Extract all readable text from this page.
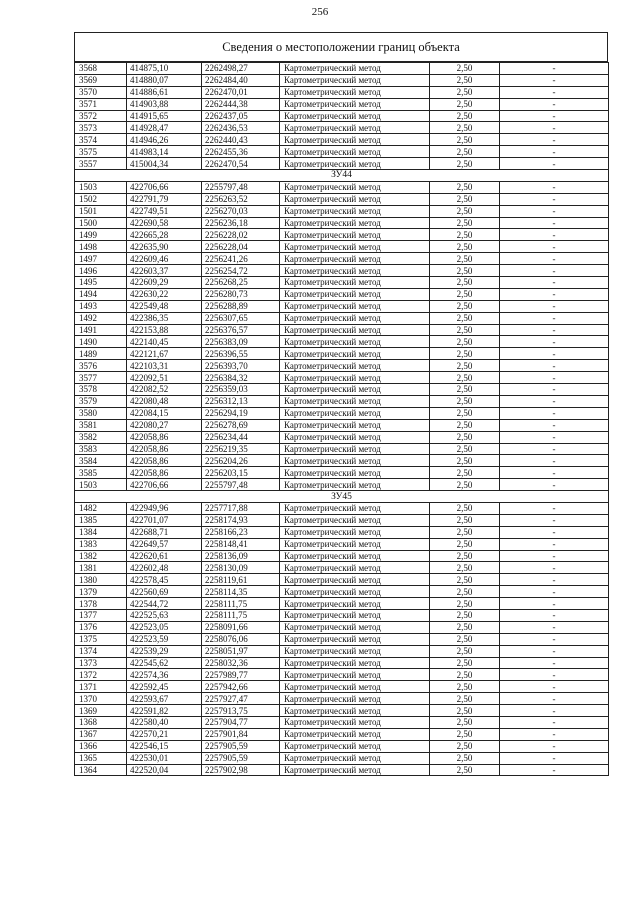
256
Сведения о местоположении границ объекта
3568	414875,10	2262498,27	Картометрический метод	2,50	-
3569	414880,07	2262484,40	Картометрический метод	2,50	-
3570	414886,61	2262470,01	Картометрический метод	2,50	-
3571	414903,88	2262444,38	Картометрический метод	2,50	-
3572	414915,65	2262437,05	Картометрический метод	2,50	-
3573	414928,47	2262436,53	Картометрический метод	2,50	-
3574	414946,26	2262440,43	Картометрический метод	2,50	-
3575	414983,14	2262455,36	Картометрический метод	2,50	-
3557	415004,34	2262470,54	Картометрический метод	2,50	-
ЗУ44					
1503	422706,66	2255797,48	Картометрический метод	2,50	-
1502	422791,79	2256263,52	Картометрический метод	2,50	-
1501	422749,51	2256270,03	Картометрический метод	2,50	-
1500	422690,58	2256236,18	Картометрический метод	2,50	-
1499	422665,28	2256228,02	Картометрический метод	2,50	-
1498	422635,90	2256228,04	Картометрический метод	2,50	-
1497	422609,46	2256241,26	Картометрический метод	2,50	-
1496	422603,37	2256254,72	Картометрический метод	2,50	-
1495	422609,29	2256268,25	Картометрический метод	2,50	-
1494	422630,22	2256280,73	Картометрический метод	2,50	-
1493	422549,48	2256288,89	Картометрический метод	2,50	-
1492	422386,35	2256307,65	Картометрический метод	2,50	-
1491	422153,88	2256376,57	Картометрический метод	2,50	-
1490	422140,45	2256383,09	Картометрический метод	2,50	-
1489	422121,67	2256396,55	Картометрический метод	2,50	-
3576	422103,31	2256393,70	Картометрический метод	2,50	-
3577	422092,51	2256384,32	Картометрический метод	2,50	-
3578	422082,52	2256359,03	Картометрический метод	2,50	-
3579	422080,48	2256312,13	Картометрический метод	2,50	-
3580	422084,15	2256294,19	Картометрический метод	2,50	-
3581	422080,27	2256278,69	Картометрический метод	2,50	-
3582	422058,86	2256234,44	Картометрический метод	2,50	-
3583	422058,86	2256219,35	Картометрический метод	2,50	-
3584	422058,86	2256204,26	Картометрический метод	2,50	-
3585	422058,86	2256203,15	Картометрический метод	2,50	-
1503	422706,66	2255797,48	Картометрический метод	2,50	-
ЗУ45					
1482	422949,96	2257717,88	Картометрический метод	2,50	-
1385	422701,07	2258174,93	Картометрический метод	2,50	-
1384	422688,71	2258166,23	Картометрический метод	2,50	-
1383	422649,57	2258148,41	Картометрический метод	2,50	-
1382	422620,61	2258136,09	Картометрический метод	2,50	-
1381	422602,48	2258130,09	Картометрический метод	2,50	-
1380	422578,45	2258119,61	Картометрический метод	2,50	-
1379	422560,69	2258114,35	Картометрический метод	2,50	-
1378	422544,72	2258111,75	Картометрический метод	2,50	-
1377	422525,63	2258111,75	Картометрический метод	2,50	-
1376	422523,05	2258091,66	Картометрический метод	2,50	-
1375	422523,59	2258076,06	Картометрический метод	2,50	-
1374	422539,29	2258051,97	Картометрический метод	2,50	-
1373	422545,62	2258032,36	Картометрический метод	2,50	-
1372	422574,36	2257989,77	Картометрический метод	2,50	-
1371	422592,45	2257942,66	Картометрический метод	2,50	-
1370	422593,67	2257927,47	Картометрический метод	2,50	-
1369	422591,82	2257913,75	Картометрический метод	2,50	-
1368	422580,40	2257904,77	Картометрический метод	2,50	-
1367	422570,21	2257901,84	Картометрический метод	2,50	-
1366	422546,15	2257905,59	Картометрический метод	2,50	-
1365	422530,01	2257905,59	Картометрический метод	2,50	-
1364	422520,04	2257902,98	Картометрический метод	2,50	-
